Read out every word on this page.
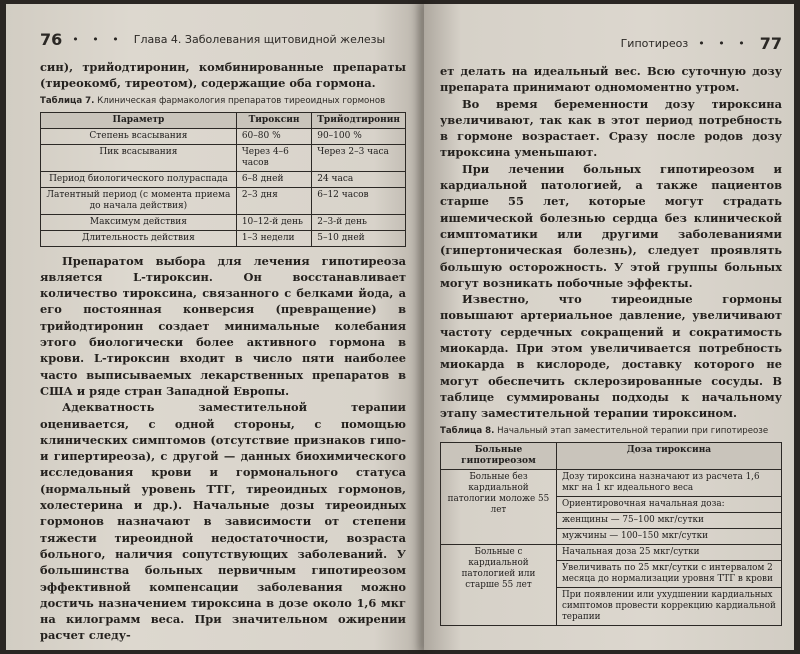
76 • • • Глава 4. Заболевания щитовидной железы

син), трийодтиронин, комбинированные препараты (тиреокомб, тиреотом), содержащие оба гормона.

Таблица 7. Клиническая фармакология препаратов тиреоидных гормонов
Параметр	Тироксин	Трийодтиронин
Степень всасывания	60–80 %	90–100 %
Пик всасывания	Через 4–6 часов	Через 2–3 часа
Период биологического полураспада	6–8 дней	24 часа
Латентный период (с момента приема до начала действия)	2–3 дня	6–12 часов
Максимум действия	10–12-й день	2–3-й день
Длительность действия	1–3 недели	5–10 дней

Препаратом выбора для лечения гипотиреоза является L-тироксин. Он восстанавливает количество тироксина, связанного с белками йода, а его постоянная конверсия (превращение) в трийодтиронин создает минимальные колебания этого биологически более активного гормона в крови. L-тироксин входит в число пяти наиболее часто выписываемых лекарственных препаратов в США и ряде стран Западной Европы.

Адекватность заместительной терапии оценивается, с одной стороны, с помощью клинических симптомов (отсутствие признаков гипо- и гипертиреоза), с другой — данных биохимического исследования крови и гормонального статуса (нормальный уровень ТТГ, тиреоидных гормонов, холестерина и др.). Начальные дозы тиреоидных гормонов назначают в зависимости от степени тяжести тиреоидной недостаточности, возраста больного, наличия сопутствующих заболеваний. У большинства больных первичным гипотиреозом эффективной компенсации заболевания можно достичь назначением тироксина в дозе около 1,6 мкг на килограмм веса. При значительном ожирении расчет следу-

Гипотиреоз • • • 77

ет делать на идеальный вес. Всю суточную дозу препарата принимают одномоментно утром.

Во время беременности дозу тироксина увеличивают, так как в этот период потребность в гормоне возрастает. Сразу после родов дозу тироксина уменьшают.

При лечении больных гипотиреозом и кардиальной патологией, а также пациентов старше 55 лет, которые могут страдать ишемической болезнью сердца без клинической симптоматики или другими заболеваниями (гипертоническая болезнь), следует проявлять большую осторожность. У этой группы больных могут возникать побочные эффекты.

Известно, что тиреоидные гормоны повышают артериальное давление, увеличивают частоту сердечных сокращений и сократимость миокарда. При этом увеличивается потребность миокарда в кислороде, доставку которого не могут обеспечить склерозированные сосуды. В таблице суммированы подходы к начальному этапу заместительной терапии тироксином.

Таблица 8. Начальный этап заместительной терапии при гипотиреозе
Больные гипотиреозом	Доза тироксина
Больные без кардиальной патологии моложе 55 лет	Дозу тироксина назначают из расчета 1,6 мкг на 1 кг идеального веса
Ориентировочная начальная доза:
женщины — 75–100 мкг/сутки
мужчины — 100–150 мкг/сутки

Больные с кардиальной патологией или старше 55 лет	Начальная доза 25 мкг/сутки
Увеличивать по 25 мкг/сутки с интервалом 2 месяца до нормализации уровня ТТГ в крови
При появлении или ухудшении кардиальных симптомов провести коррекцию кардиальной терапии
